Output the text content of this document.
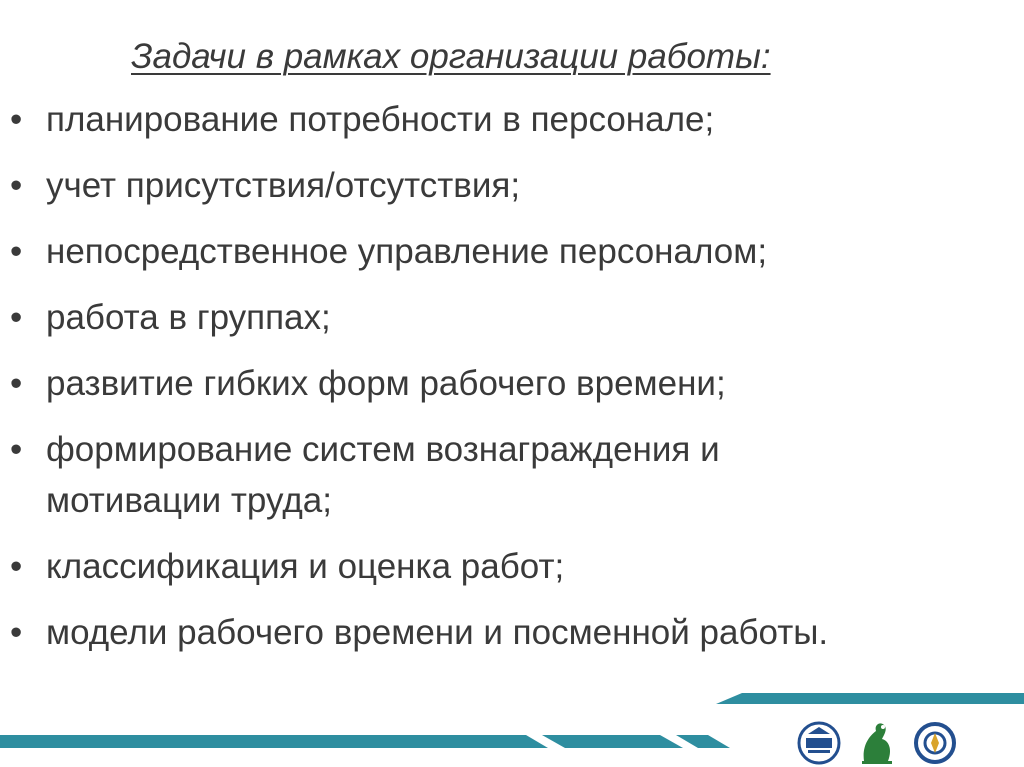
Задачи в рамках организации работы:
• планирование потребности в персонале;
• учет присутствия/отсутствия;
• непосредственное управление персоналом;
• работа в группах;
• развитие гибких форм рабочего времени;
• формирование систем вознаграждения и
мотивации труда;
• классификация и оценка работ;
• модели рабочего времени и посменной работы.
